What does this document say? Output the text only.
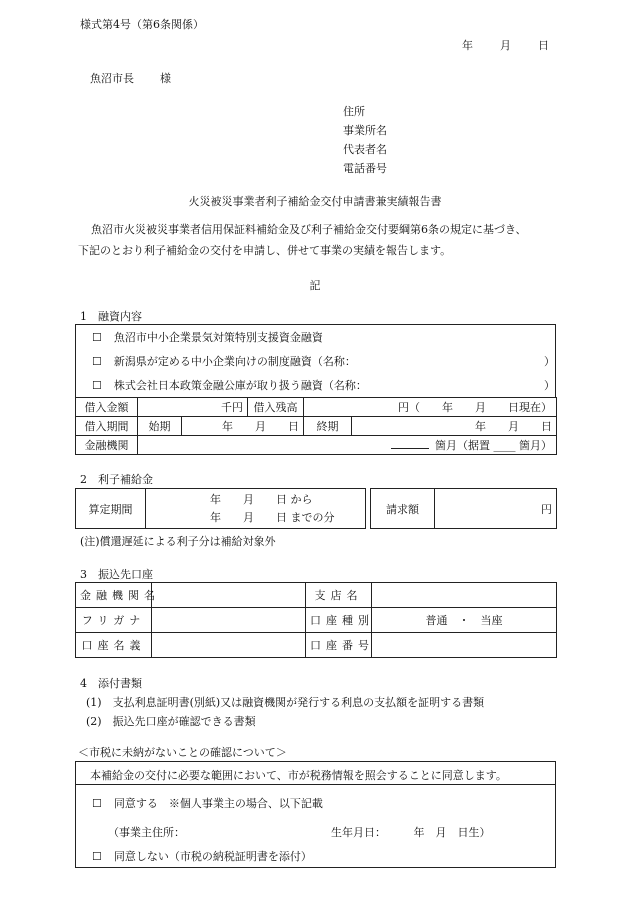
様式第4号（第6条関係）
年 月 日
魚沼市長 様
住所
事業所名
代表者名
電話番号
火災被災事業者利子補給金交付申請書兼実績報告書
魚沼市火災被災事業者信用保証料補給金及び利子補給金交付要綱第6条の規定に基づき、
下記のとおり利子補給金の交付を申請し、併せて事業の実績を報告します。
記
1　融資内容
☐ 魚沼市中小企業景気対策特別支援資金融資
☐ 新潟県が定める中小企業向けの制度融資（名称：	）
☐ 株式会社日本政策金融公庫が取り扱う融資（名称：	）
借入金額	千円		借入残高	円（　　年　　月　　日現在）	
借入期間	始期	年　　月　　日		終期	年　　月　　日
金融機関	箇月（据置 ____ 箇月）				
2　利子補給金
算定期間	
年　　月　　日 から
年　　月　　日 までの分
請求額	円
(注)償還遅延による利子分は補給対象外
3　振込先口座
金融機関名		支店名	
フリガナ		口座種別	普通　・　当座
口座名義		口座番号	
4　添付書類
(1)　支払利息証明書(別紙)又は融資機関が発行する利息の支払額を証明する書類
(2)　振込先口座が確認できる書類
＜市税に未納がないことの確認について＞
本補給金の交付に必要な範囲において、市が税務情報を照会することに同意します。
☐ 同意する　※個人事業主の場合、以下記載
（事業主住所：	生年月日：　　　年　月　日生）
☐ 同意しない（市税の納税証明書を添付）
